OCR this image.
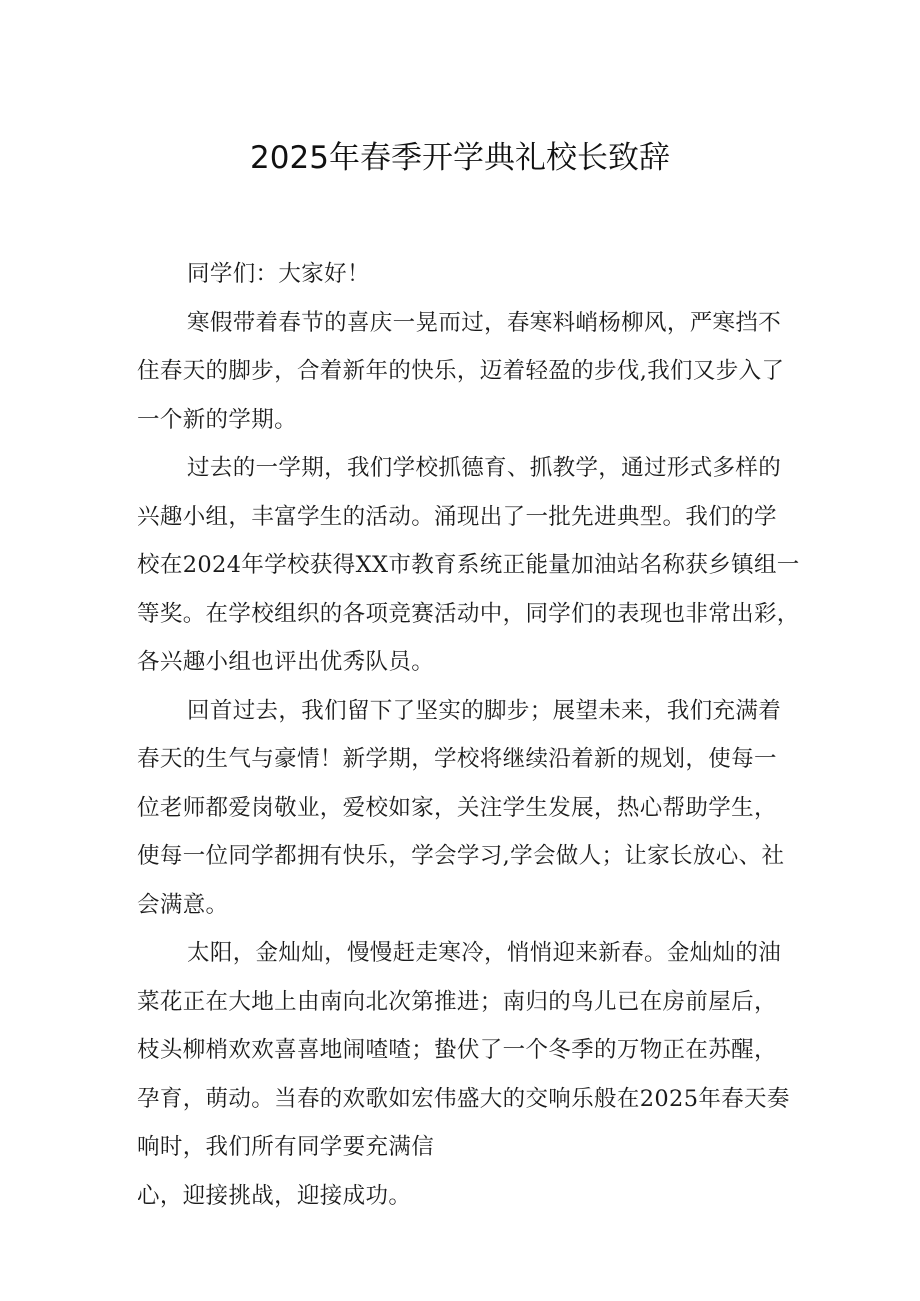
2025年春季开学典礼校长致辞
同学们：大家好！
寒假带着春节的喜庆一晃而过，春寒料峭杨柳风，严寒挡不
住春天的脚步，合着新年的快乐，迈着轻盈的步伐,我们又步入了
一个新的学期。
过去的一学期，我们学校抓德育、抓教学，通过形式多样的
兴趣小组，丰富学生的活动。涌现出了一批先进典型。我们的学
校在2024年学校获得XX市教育系统正能量加油站名称获乡镇组一
等奖。在学校组织的各项竞赛活动中，同学们的表现也非常出彩，
各兴趣小组也评出优秀队员。
回首过去，我们留下了坚实的脚步；展望未来，我们充满着
春天的生气与豪情！新学期，学校将继续沿着新的规划，使每一
位老师都爱岗敬业，爱校如家，关注学生发展，热心帮助学生，
使每一位同学都拥有快乐，学会学习,学会做人；让家长放心、社
会满意。
太阳，金灿灿，慢慢赶走寒冷，悄悄迎来新春。金灿灿的油
菜花正在大地上由南向北次第推进；南归的鸟儿已在房前屋后，
枝头柳梢欢欢喜喜地闹喳喳；蛰伏了一个冬季的万物正在苏醒，
孕育，萌动。当春的欢歌如宏伟盛大的交响乐般在2025年春天奏
响时，我们所有同学要充满信
心，迎接挑战，迎接成功。
